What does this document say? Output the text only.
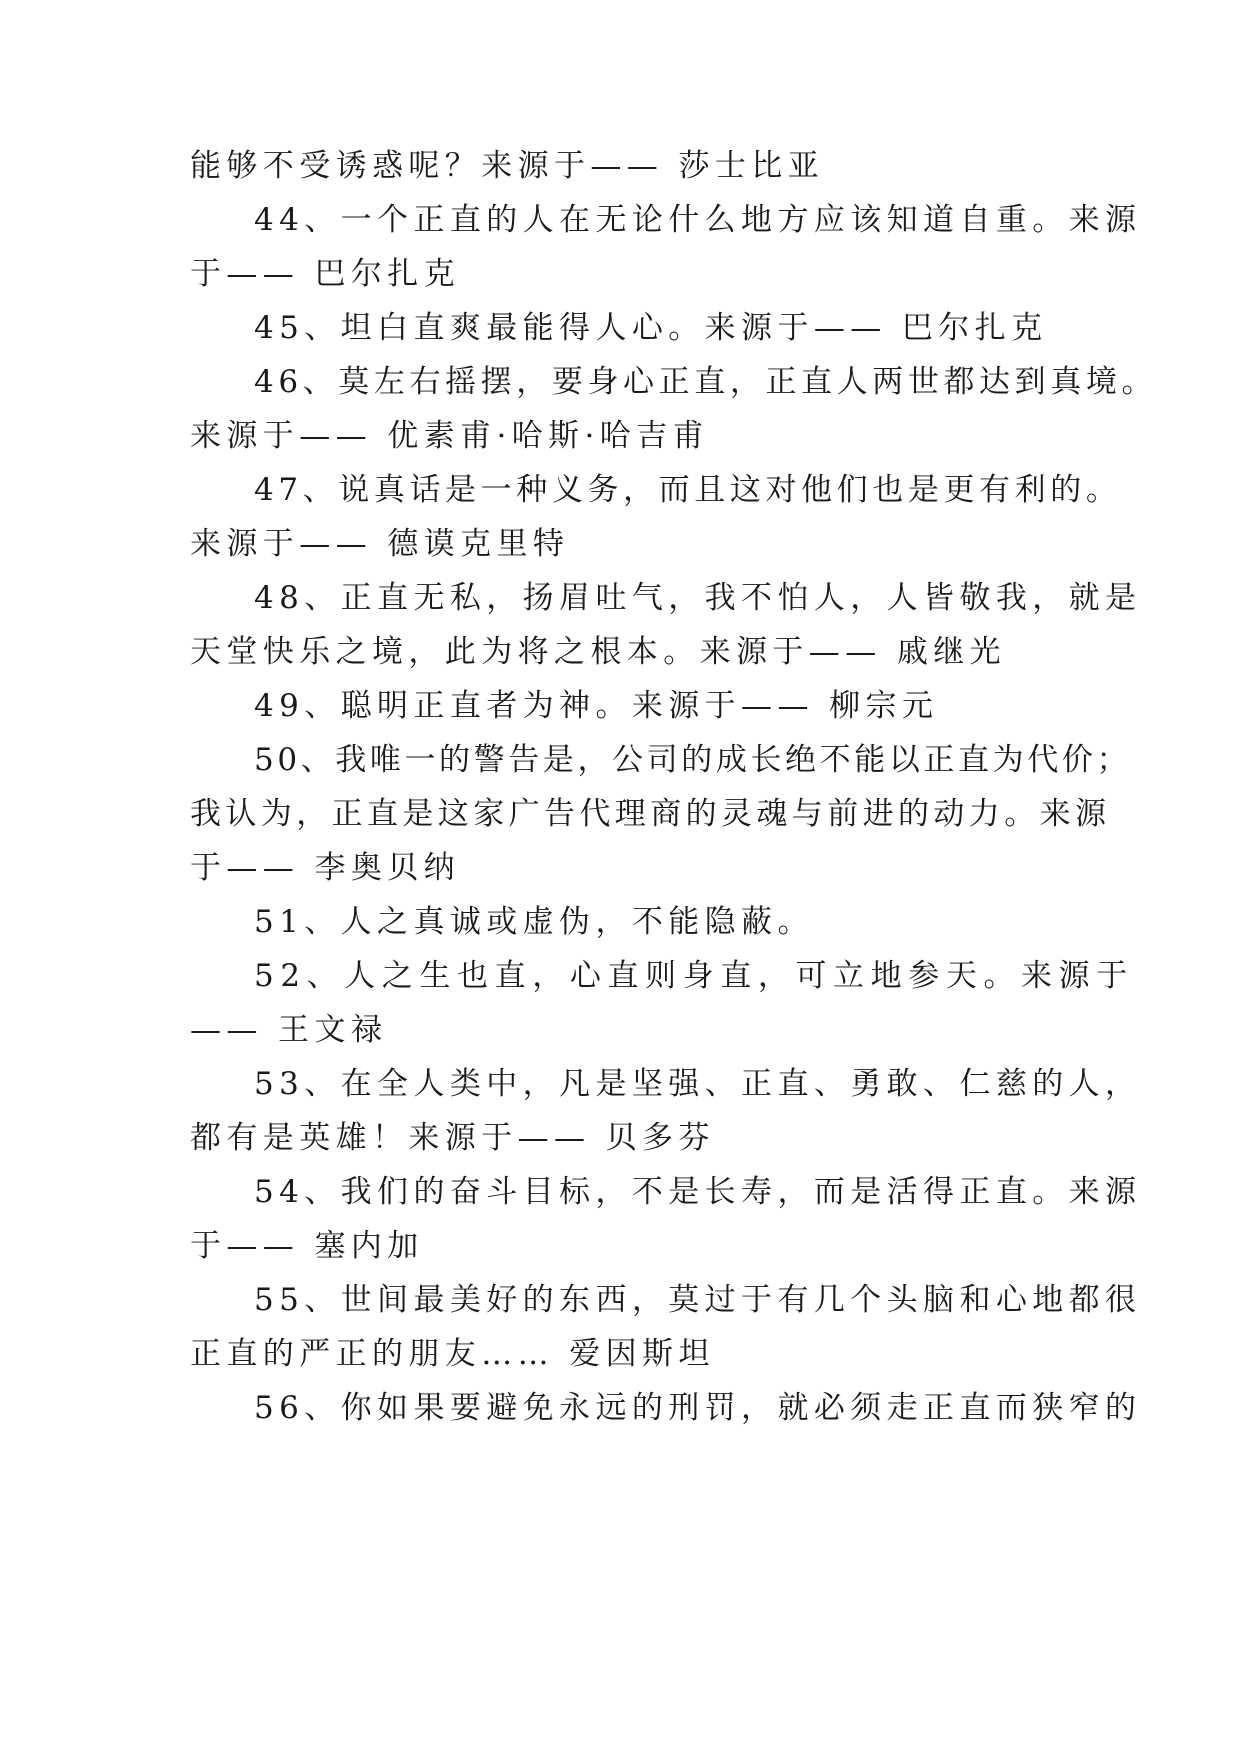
能够不受诱惑呢？来源于—— 莎士比亚
44、一个正直的人在无论什么地方应该知道自重。来源
于—— 巴尔扎克
45、坦白直爽最能得人心。来源于—— 巴尔扎克
46、莫左右摇摆，要身心正直，正直人两世都达到真境。
来源于—— 优素甫·哈斯·哈吉甫
47、说真话是一种义务，而且这对他们也是更有利的。
来源于—— 德谟克里特
48、正直无私，扬眉吐气，我不怕人，人皆敬我，就是
天堂快乐之境，此为将之根本。来源于—— 戚继光
49、聪明正直者为神。来源于—— 柳宗元
50、我唯一的警告是，公司的成长绝不能以正直为代价；
我认为，正直是这家广告代理商的灵魂与前进的动力。来源
于—— 李奥贝纳
51、人之真诚或虚伪，不能隐蔽。
52、人之生也直，心直则身直，可立地参天。来源于
—— 王文禄
53、在全人类中，凡是坚强、正直、勇敢、仁慈的人，
都有是英雄！来源于—— 贝多芬
54、我们的奋斗目标，不是长寿，而是活得正直。来源
于—— 塞内加
55、世间最美好的东西，莫过于有几个头脑和心地都很
正直的严正的朋友…… 爱因斯坦
56、你如果要避免永远的刑罚，就必须走正直而狭窄的
